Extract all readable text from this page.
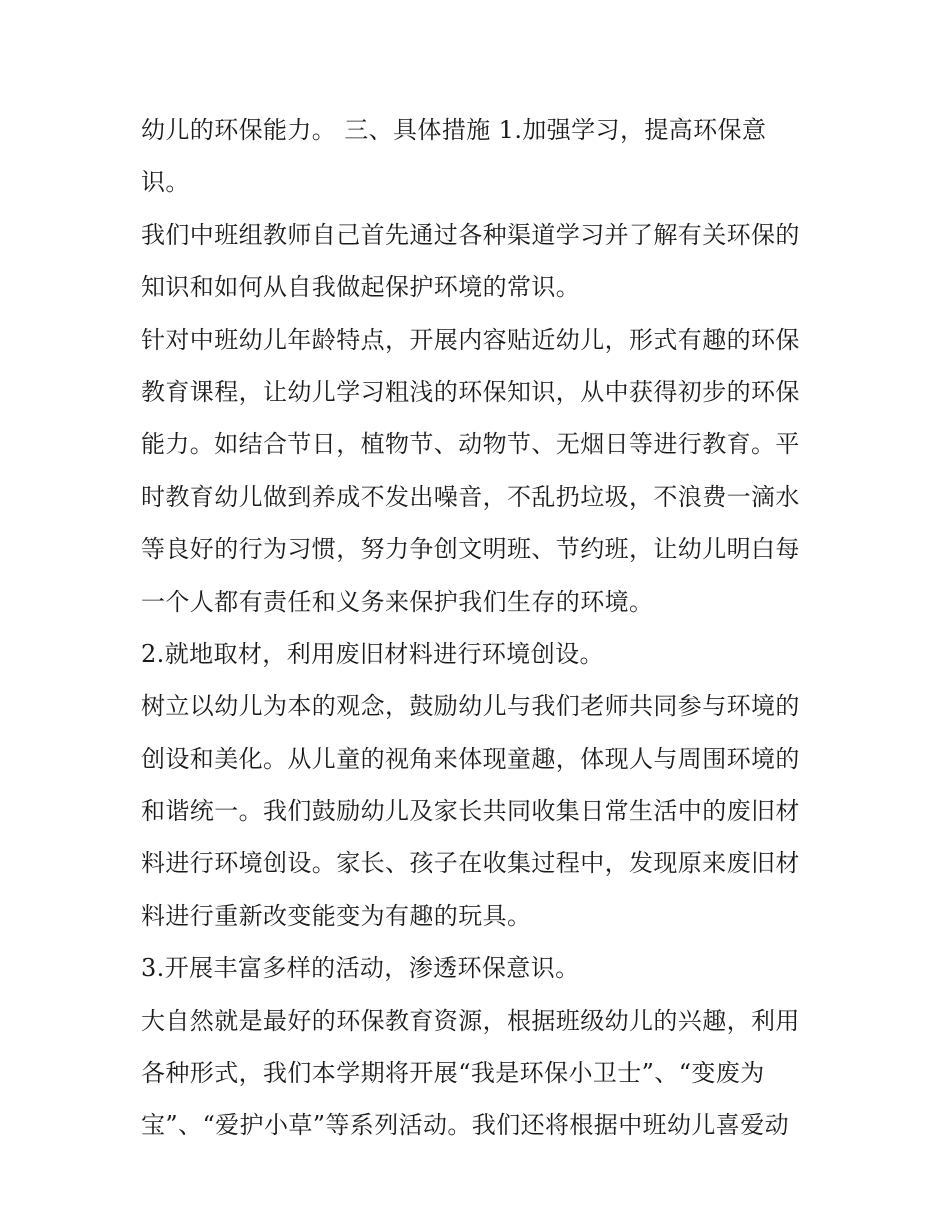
幼儿的环保能力。 三、具体措施 1.加强学习，提高环保意
识。
我们中班组教师自己首先通过各种渠道学习并了解有关环保的
知识和如何从自我做起保护环境的常识。
针对中班幼儿年龄特点，开展内容贴近幼儿，形式有趣的环保
教育课程，让幼儿学习粗浅的环保知识，从中获得初步的环保
能力。如结合节日，植物节、动物节、无烟日等进行教育。平
时教育幼儿做到养成不发出噪音，不乱扔垃圾，不浪费一滴水
等良好的行为习惯，努力争创文明班、节约班，让幼儿明白每
一个人都有责任和义务来保护我们生存的环境。
2.就地取材，利用废旧材料进行环境创设。
树立以幼儿为本的观念，鼓励幼儿与我们老师共同参与环境的
创设和美化。从儿童的视角来体现童趣，体现人与周围环境的
和谐统一。我们鼓励幼儿及家长共同收集日常生活中的废旧材
料进行环境创设。家长、孩子在收集过程中，发现原来废旧材
料进行重新改变能变为有趣的玩具。
3.开展丰富多样的活动，渗透环保意识。
大自然就是最好的环保教育资源，根据班级幼儿的兴趣，利用
各种形式，我们本学期将开展“我是环保小卫士”、“变废为
宝”、“爱护小草”等系列活动。我们还将根据中班幼儿喜爱动
